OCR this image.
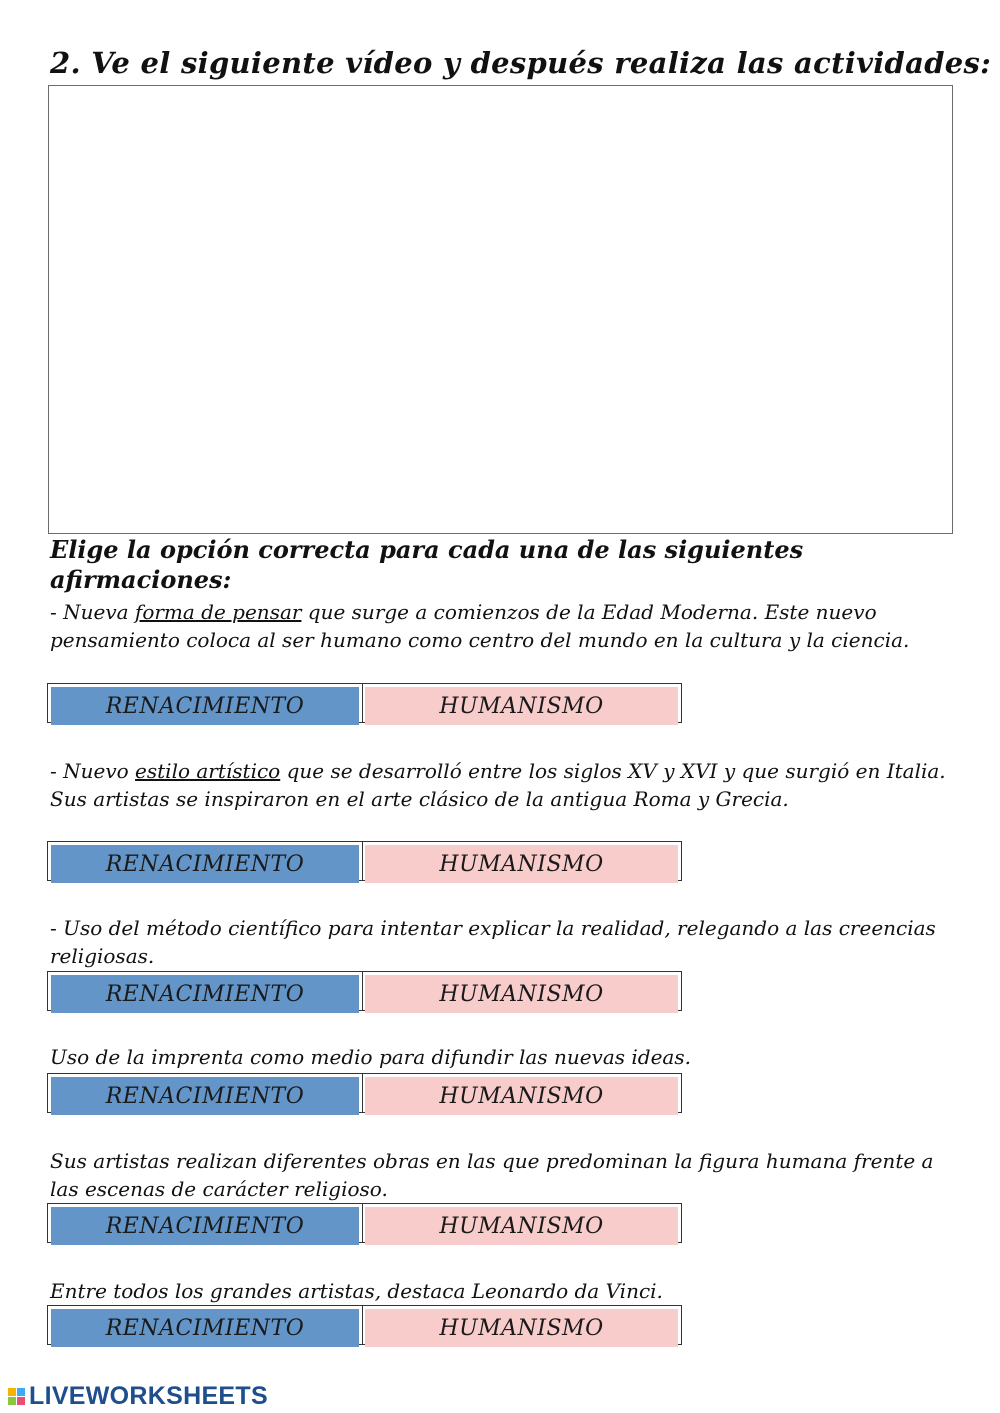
2. Ve el siguiente vídeo y después realiza las actividades:
Elige la opción correcta para cada una de las siguientes afirmaciones:
- Nueva forma de pensar que surge a comienzos de la Edad Moderna. Este nuevo pensamiento coloca al ser humano como centro del mundo en la cultura y la ciencia.
RENACIMIENTO	HUMANISMO
- Nuevo estilo artístico que se desarrolló entre los siglos XV y XVI y que surgió en Italia. Sus artistas se inspiraron en el arte clásico de la antigua Roma y Grecia.
RENACIMIENTO	HUMANISMO
- Uso del método científico para intentar explicar la realidad, relegando a las creencias religiosas.
RENACIMIENTO	HUMANISMO
Uso de la imprenta como medio para difundir las nuevas ideas.
RENACIMIENTO	HUMANISMO
Sus artistas realizan diferentes obras en las que predominan la figura humana frente a las escenas de carácter religioso.
RENACIMIENTO	HUMANISMO
Entre todos los grandes artistas, destaca Leonardo da Vinci.
RENACIMIENTO	HUMANISMO
LIVEWORKSHEETS
